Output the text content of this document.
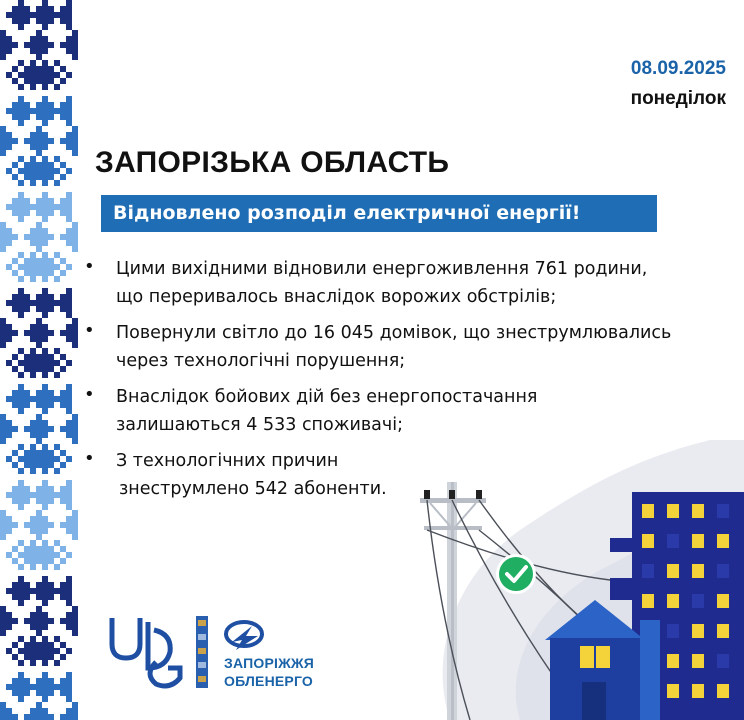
08.09.2025
понеділок
ЗАПОРІЗЬКА ОБЛАСТЬ
Відновлено розподіл електричної енергії!
• Цими вихідними відновили енергоживлення 761 родини,
що переривалось внаслідок ворожих обстрілів;
• Повернули світло до 16 045 домівок, що знеструмлювались
через технологічні порушення;
• Внаслідок бойових дій без енергопостачання
залишаються 4 533 споживачі;
• З технологічних причин
знеструмлено 542 абоненти.
ЗАПОРІЖЖЯ
ОБЛЕНЕРГО
